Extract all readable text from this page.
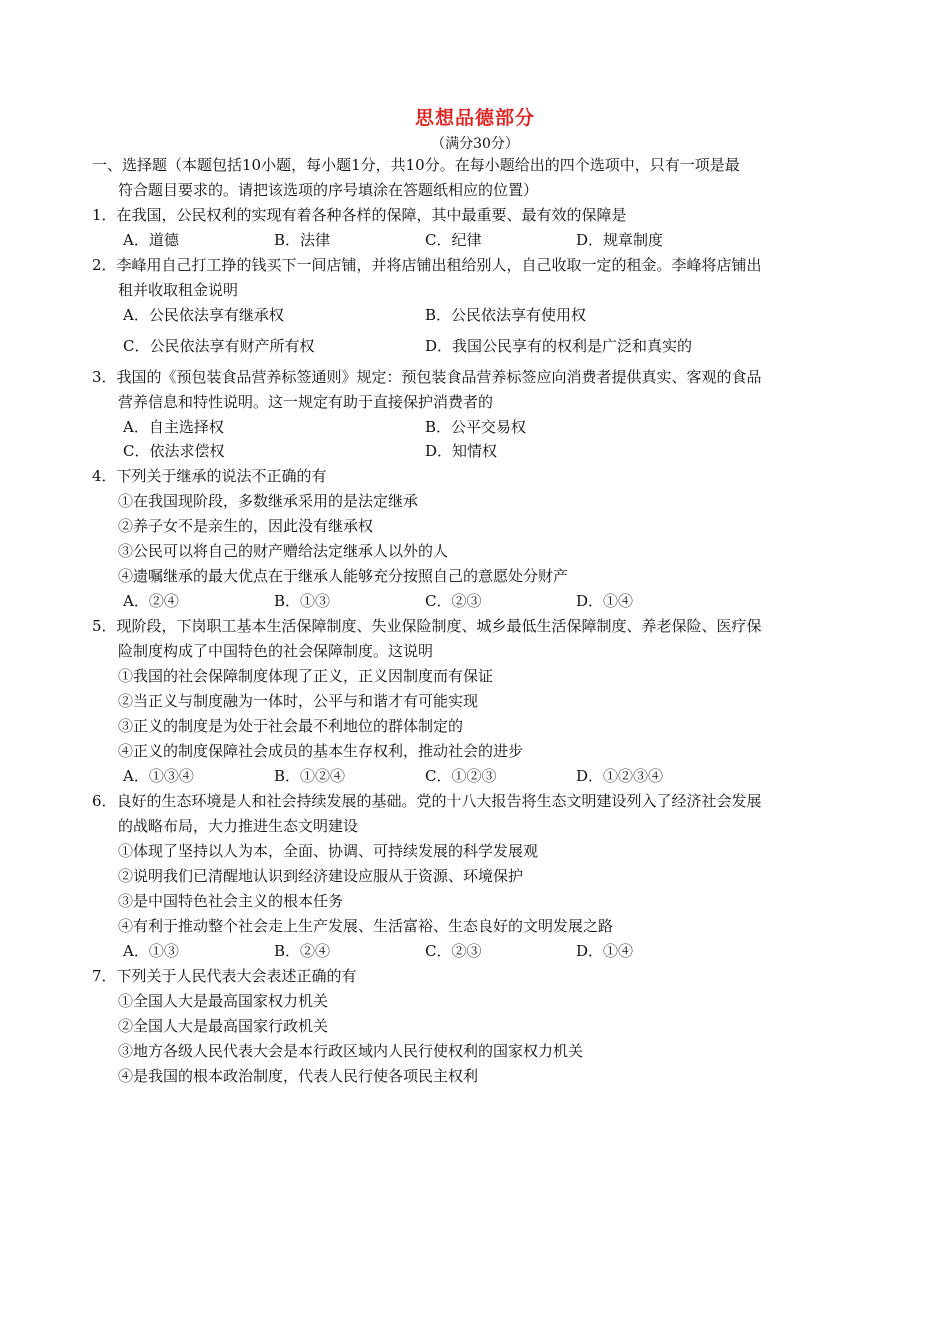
思想品德部分
（满分30分）
一、选择题（本题包括10小题，每小题1分，共10分。在每小题给出的四个选项中，只有一项是最
符合题目要求的。请把该选项的序号填涂在答题纸相应的位置）
1．在我国，公民权利的实现有着各种各样的保障，其中最重要、最有效的保障是
A．道德	B．法律	C．纪律	D．规章制度
2．李峰用自己打工挣的钱买下一间店铺，并将店铺出租给别人，自己收取一定的租金。李峰将店铺出
租并收取租金说明
A．公民依法享有继承权	B．公民依法享有使用权
C．公民依法享有财产所有权	D．我国公民享有的权利是广泛和真实的
3．我国的《预包装食品营养标签通则》规定：预包装食品营养标签应向消费者提供真实、客观的食品
营养信息和特性说明。这一规定有助于直接保护消费者的
A．自主选择权	B．公平交易权
C．依法求偿权	D．知情权
4．下列关于继承的说法不正确的有
①在我国现阶段，多数继承采用的是法定继承
②养子女不是亲生的，因此没有继承权
③公民可以将自己的财产赠给法定继承人以外的人
④遗嘱继承的最大优点在于继承人能够充分按照自己的意愿处分财产
A．②④	B．①③	C．②③	D．①④
5．现阶段，下岗职工基本生活保障制度、失业保险制度、城乡最低生活保障制度、养老保险、医疗保
险制度构成了中国特色的社会保障制度。这说明
①我国的社会保障制度体现了正义，正义因制度而有保证
②当正义与制度融为一体时，公平与和谐才有可能实现
③正义的制度是为处于社会最不利地位的群体制定的
④正义的制度保障社会成员的基本生存权利，推动社会的进步
A．①③④	B．①②④	C．①②③	D．①②③④
6．良好的生态环境是人和社会持续发展的基础。党的十八大报告将生态文明建设列入了经济社会发展
的战略布局，大力推进生态文明建设
①体现了坚持以人为本，全面、协调、可持续发展的科学发展观
②说明我们已清醒地认识到经济建设应服从于资源、环境保护
③是中国特色社会主义的根本任务
④有利于推动整个社会走上生产发展、生活富裕、生态良好的文明发展之路
A．①③	B．②④	C．②③	D．①④
7．下列关于人民代表大会表述正确的有
①全国人大是最高国家权力机关
②全国人大是最高国家行政机关
③地方各级人民代表大会是本行政区域内人民行使权利的国家权力机关
④是我国的根本政治制度，代表人民行使各项民主权利
